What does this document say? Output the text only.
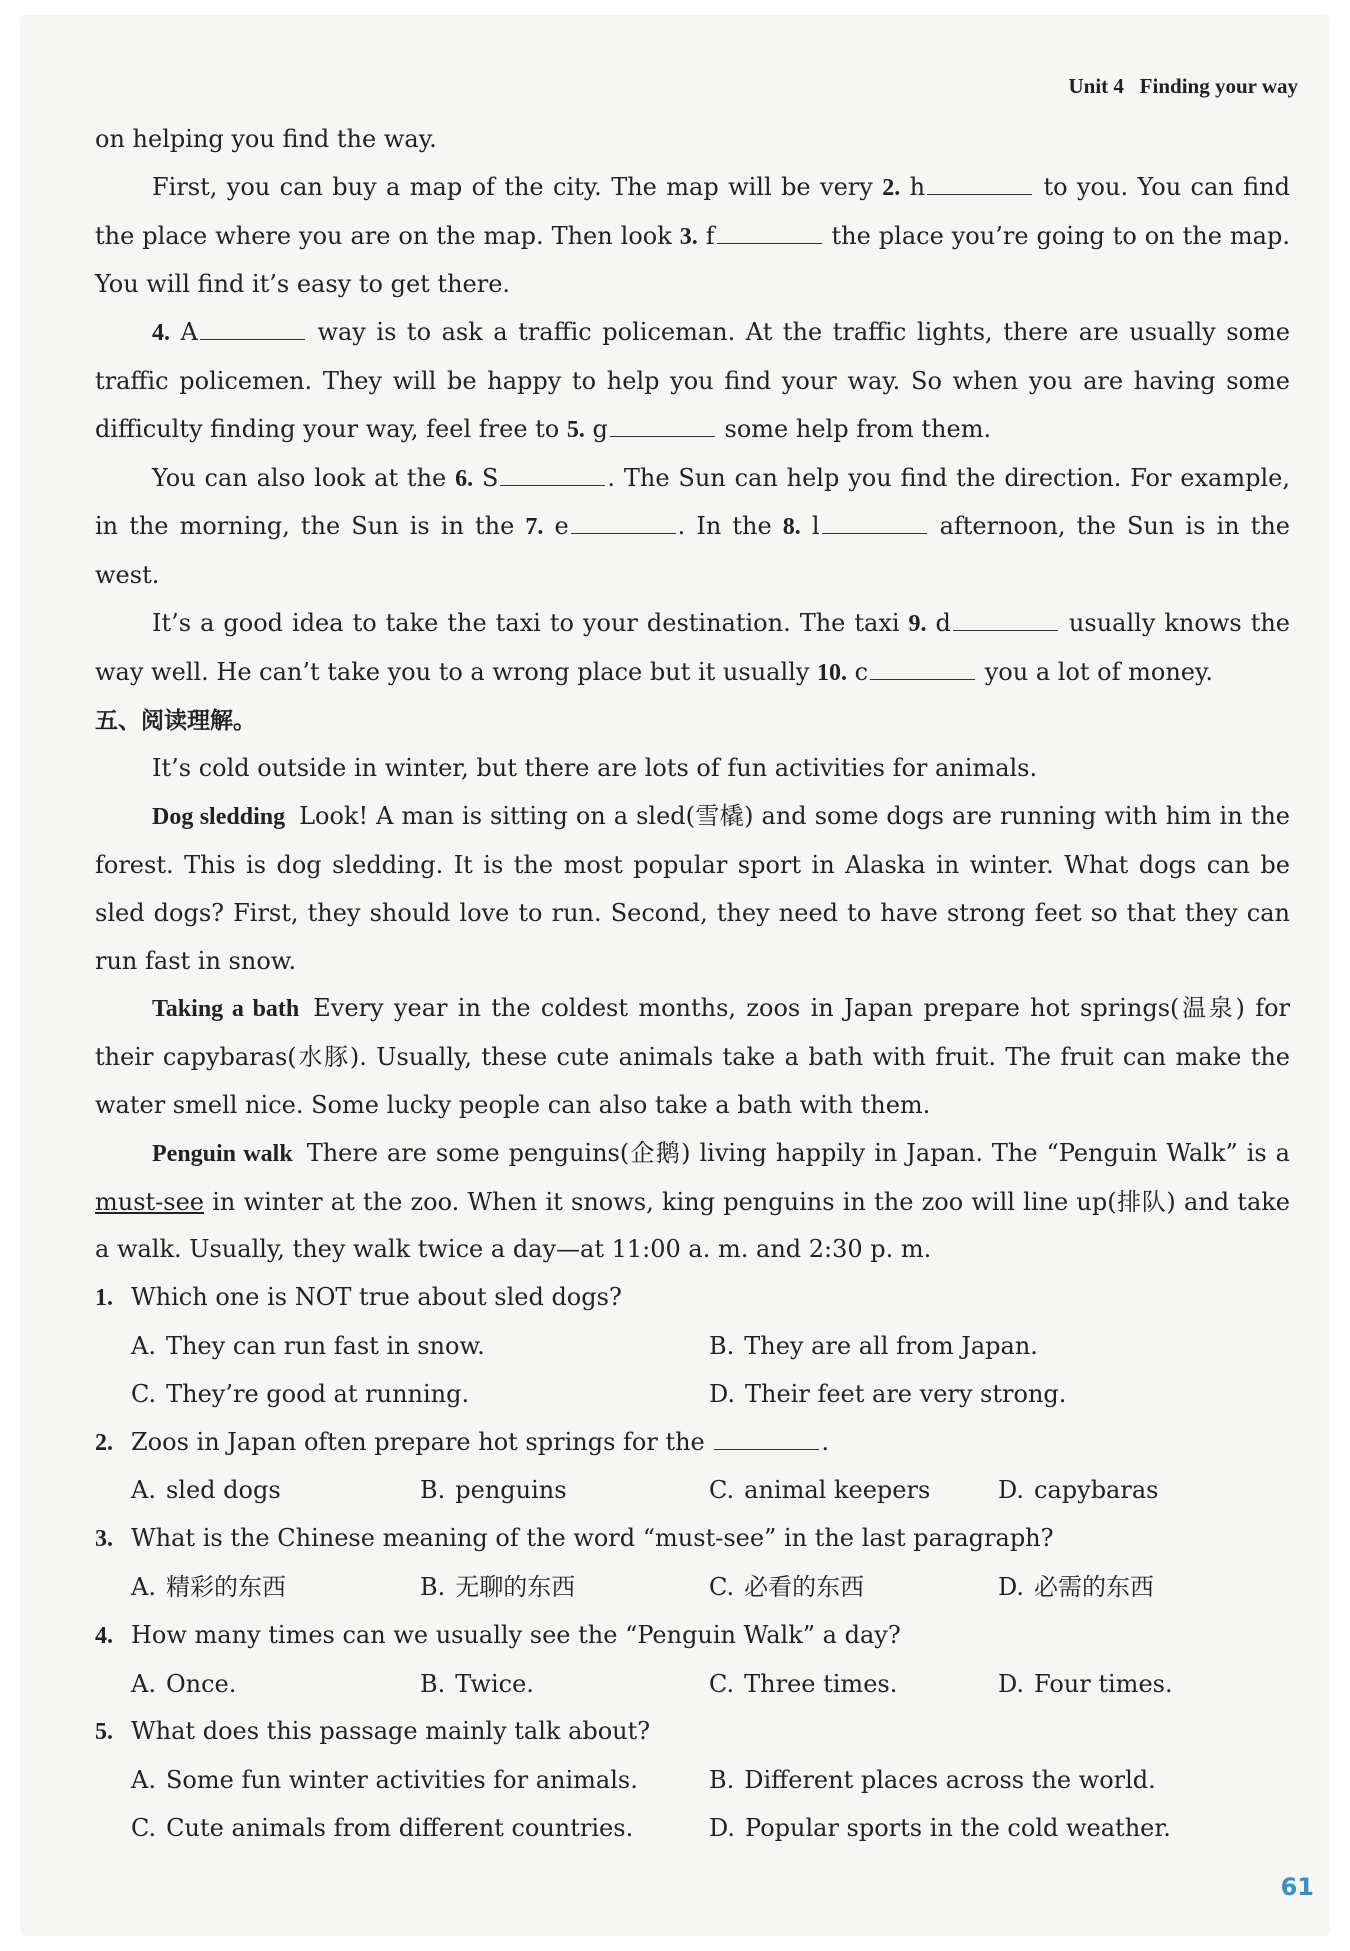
Unit 4 Finding your way

on helping you find the way.

First, you can buy a map of the city. The map will be very 2. h	to you. You can find the place where you are on the map. Then look 3. f	the place you’re going to on the map. You will find it’s easy to get there.

4. A	way is to ask a traffic policeman. At the traffic lights, there are usually some traffic policemen. They will be happy to help you find your way. So when you are having some difficulty finding your way, feel free to 5. g	some help from them.

You can also look at the 6. S	. The Sun can help you find the direction. For example, in the morning, the Sun is in the 7. e	. In the 8. l	afternoon, the Sun is in the west.

It’s a good idea to take the taxi to your destination. The taxi 9. d	usually knows the way well. He can’t take you to a wrong place but it usually 10. c	you a lot of money.

五、阅读理解。

It’s cold outside in winter, but there are lots of fun activities for animals.

Dog sledding Look! A man is sitting on a sled(雪橇) and some dogs are running with him in the forest. This is dog sledding. It is the most popular sport in Alaska in winter. What dogs can be sled dogs? First, they should love to run. Second, they need to have strong feet so that they can run fast in snow.

Taking a bath Every year in the coldest months, zoos in Japan prepare hot springs(温泉) for their capybaras(水豚). Usually, these cute animals take a bath with fruit. The fruit can make the water smell nice. Some lucky people can also take a bath with them.

Penguin walk There are some penguins(企鹅) living happily in Japan. The “Penguin Walk” is a must-see in winter at the zoo. When it snows, king penguins in the zoo will line up(排队) and take a walk. Usually, they walk twice a day—at 11:00 a. m. and 2:30 p. m.

1. Which one is NOT true about sled dogs?

A. They can run fast in snow.	B. They are all from Japan.
C. They’re good at running.	D. Their feet are very strong.

2. Zoos in Japan often prepare hot springs for the	.

A. sled dogs	B. penguins	C. animal keepers	D. capybaras

3. What is the Chinese meaning of the word “must-see” in the last paragraph?

A. 精彩的东西	B. 无聊的东西	C. 必看的东西	D. 必需的东西

4. How many times can we usually see the “Penguin Walk” a day?

A. Once.	B. Twice.	C. Three times.	D. Four times.

5. What does this passage mainly talk about?

A. Some fun winter activities for animals.	B. Different places across the world.
C. Cute animals from different countries.	D. Popular sports in the cold weather.
61
